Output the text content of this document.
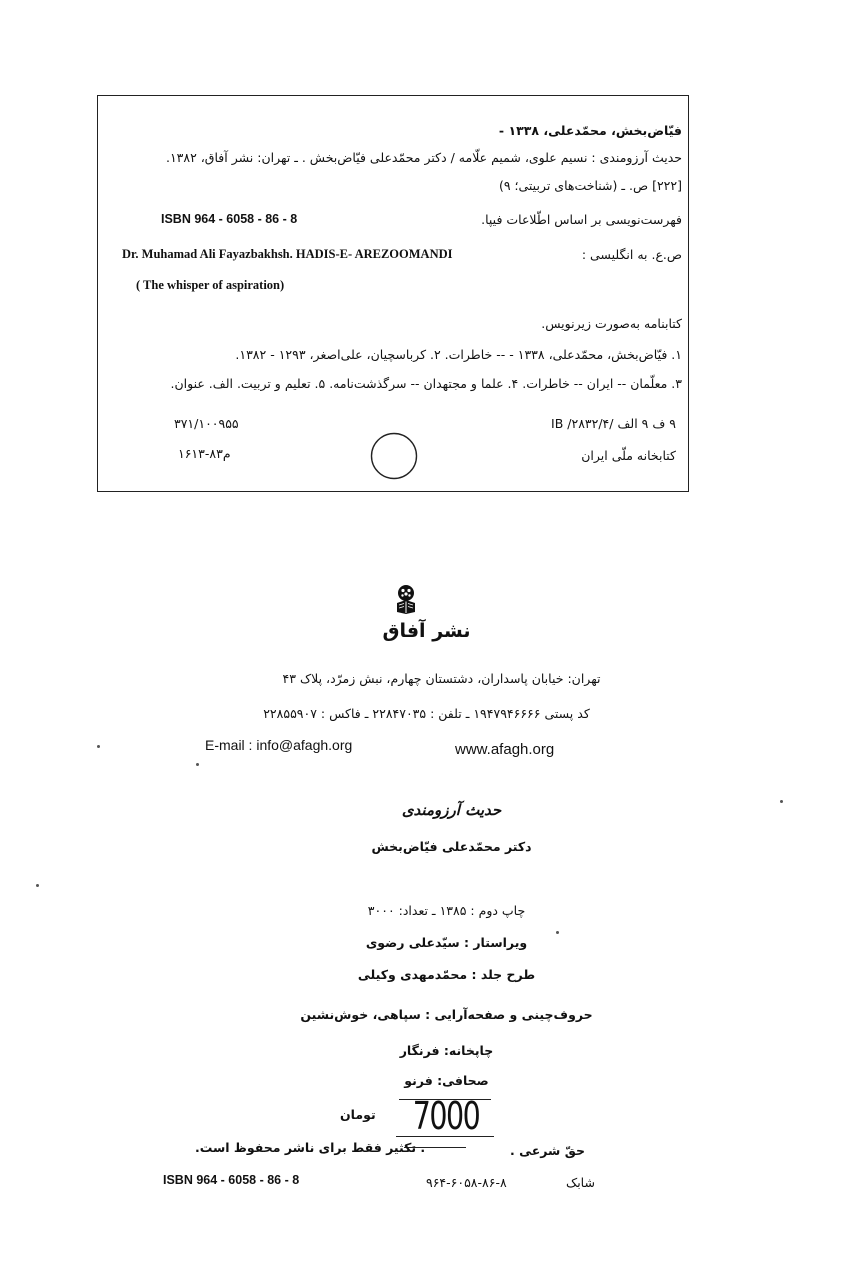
فیّاض‌بخش، محمّدعلی، ۱۳۳۸ -
حدیث آرزومندی : نسیم علوی، شمیم علّامه / دکتر محمّدعلی فیّاض‌بخش . ـ تهران: نشر آفاق، ۱۳۸۲.
[۲۲۲] ص. ـ (شناخت‌های تربیتی؛ ۹)
فهرست‌نویسی بر اساس اطّلاعات فیپا.
ISBN 964 - 6058 - 86 - 8
ص.ع. به انگلیسی :
Dr. Muhamad Ali Fayazbakhsh. HADIS-E- AREZOOMANDI
( The whisper of aspiration)
کتابنامه به‌صورت زیرنویس.
۱. فیّاض‌بخش، محمّدعلی، ۱۳۳۸ - -- خاطرات. ۲. کرباسچیان، علی‌اصغر، ۱۲۹۳ - ۱۳۸۲.
۳. معلّمان -- ایران -- خاطرات. ۴. علما و مجتهدان -- سرگذشت‌نامه. ۵. تعلیم و تربیت. الف. عنوان.
۹ ف ۹ الف /۲۸۳۲/۴/ IB
کتابخانه ملّی ایران
۳۷۱/۱۰۰۹۵۵
م۸۳-۱۶۱۳
نشر آفاق
تهران: خیابان پاسداران، دشتستان چهارم، نبش زمرّد، پلاک ۴۳
کد پستی ۱۹۴۷۹۴۶۶۶۶ ـ تلفن : ۲۲۸۴۷۰۳۵ ـ فاکس : ۲۲۸۵۵۹۰۷
E-mail : info@afagh.org	www.afagh.org
حدیث آرزومندی
دکتر محمّدعلی فیّاض‌بخش
چاپ دوم : ۱۳۸۵ ـ تعداد: ۳۰۰۰
ویراستار : سیّدعلی رضوی
طرح جلد : محمّدمهدی وکیلی
حروف‌چینی و صفحه‌آرایی : سپاهی، خوش‌نشین
چاپخانه: فرنگار
صحافی: فرنو
7000
تومان
حقّ شرعی .
. تکثیر فقط برای ناشر محفوظ است.
ISBN 964 - 6058 - 86 - 8	۹۶۴-۶۰۵۸-۸۶-۸	شابک
